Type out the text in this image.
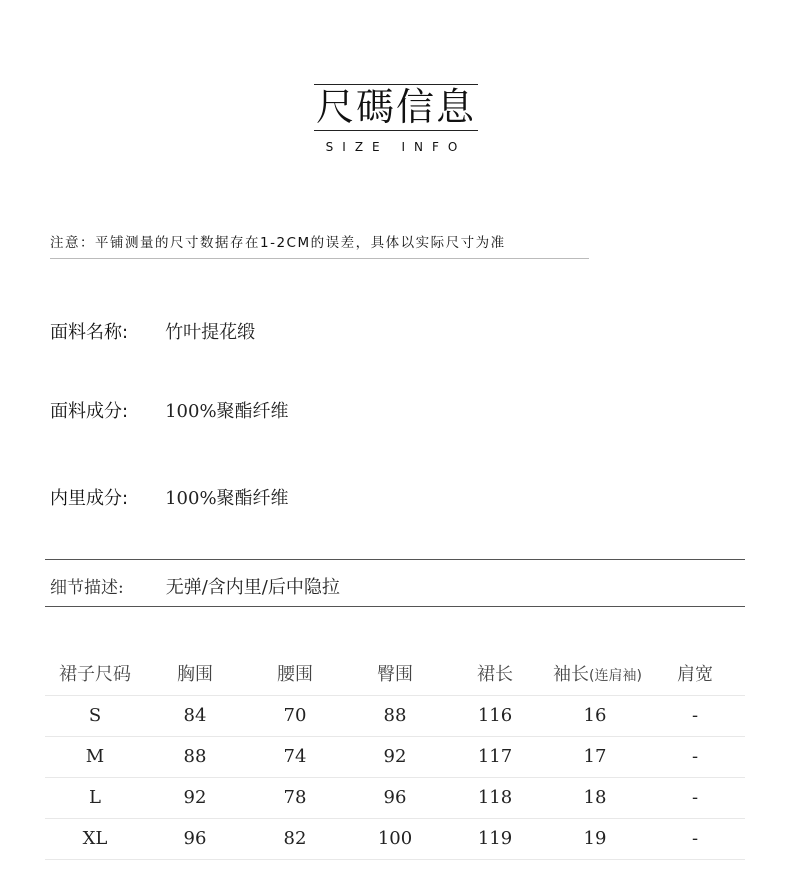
尺碼信息
SIZE INFO
注意：平铺测量的尺寸数据存在1-2CM的误差，具体以实际尺寸为准
面料名称: 竹叶提花缎
面料成分: 100%聚酯纤维
内里成分: 100%聚酯纤维
细节描述: 无弹/含内里/后中隐拉
裙子尺码	胸围	腰围	臀围	裙长	袖长(连肩袖)	肩宽
S	84	70	88	116	16	-
M	88	74	92	117	17	-
L	92	78	96	118	18	-
XL	96	82	100	119	19	-
